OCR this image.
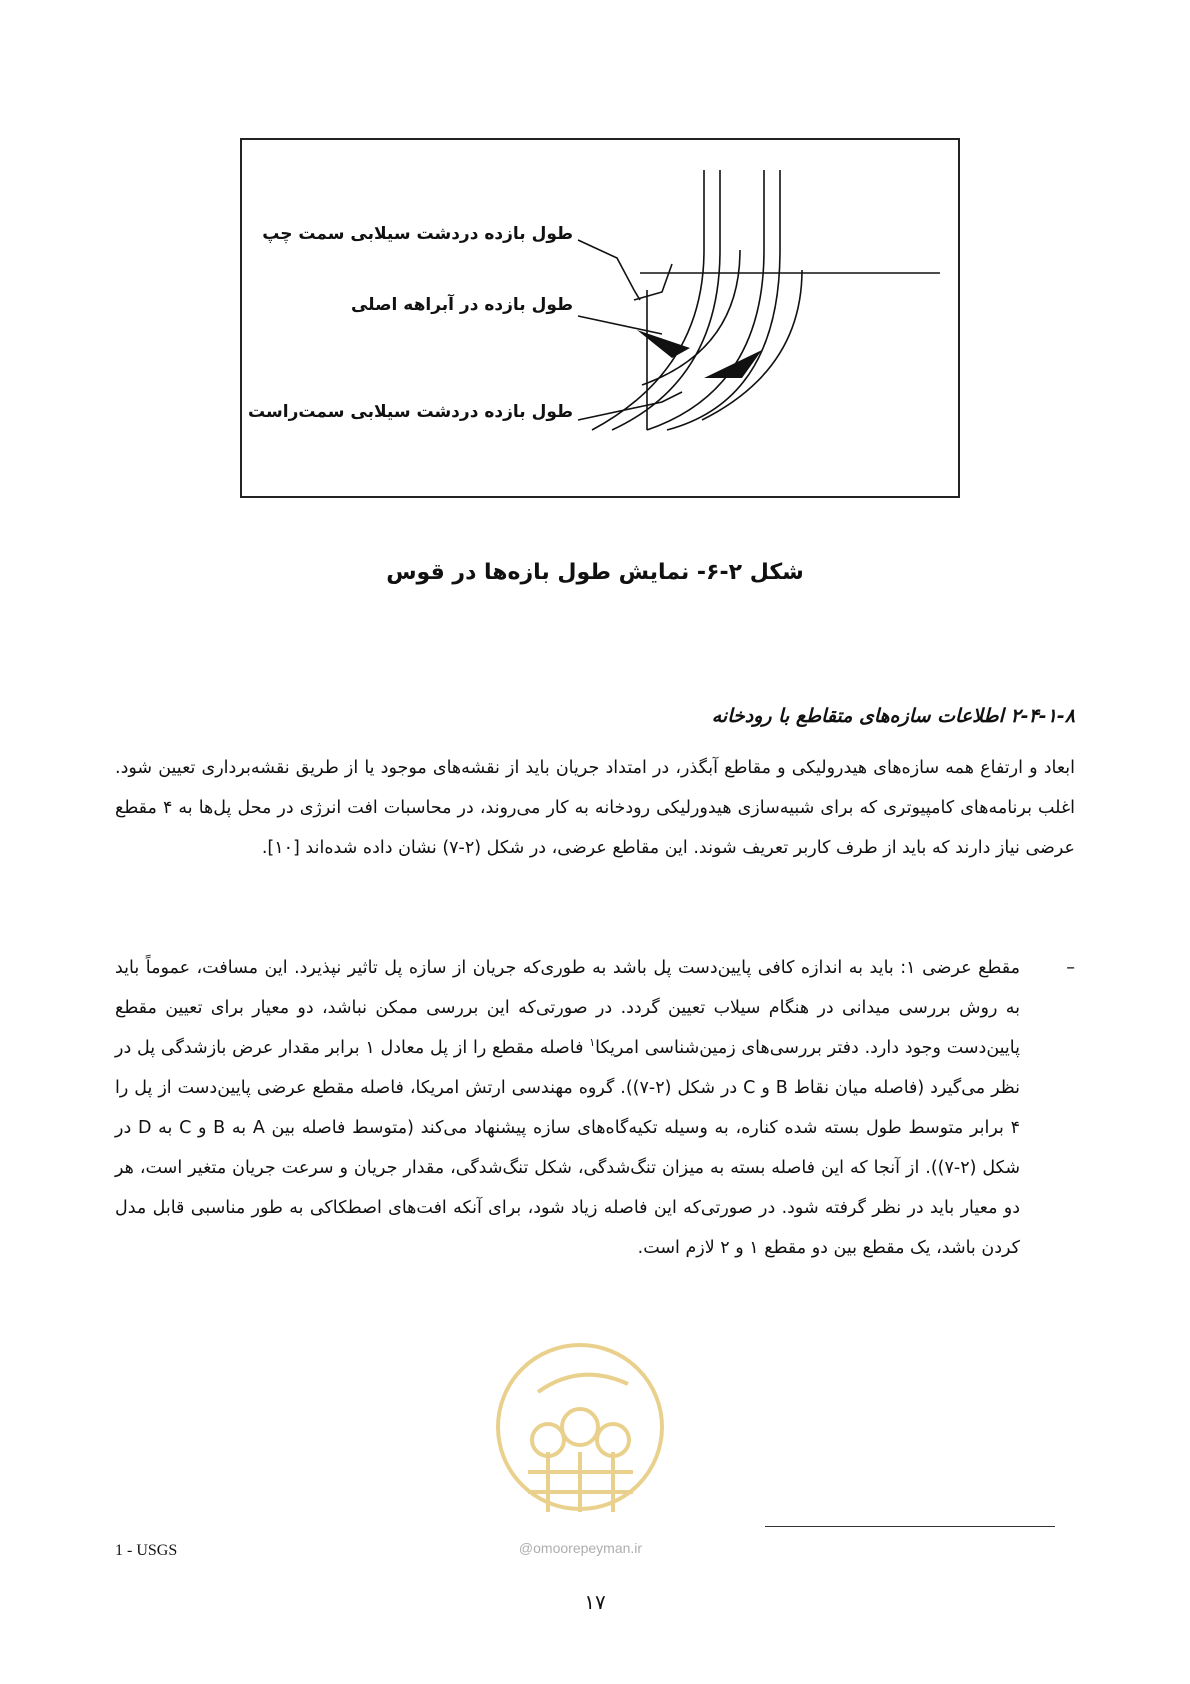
طول بازده دردشت سیلابی سمت چپ
طول بازده در آبراهه اصلی
طول بازده دردشت سیلابی سمت‌راست
شکل ۲-۶- نمایش طول بازه‌ها در قوس
۲-۴-۱-۸ اطلاعات سازه‌های متقاطع با رودخانه

ابعاد و ارتفاع همه سازه‌های هیدرولیکی و مقاطع آبگذر، در امتداد جریان باید از نقشه‌های موجود یا از طریق نقشه‌برداری تعیین شود. اغلب برنامه‌های کامپیوتری که برای شبیه‌سازی هیدورلیکی رودخانه به کار می‌روند، در محاسبات افت انرژی در محل پل‌ها به ۴ مقطع عرضی نیاز دارند که باید از طرف کاربر تعریف شوند. این مقاطع عرضی، در شکل (۲-۷) نشان داده شده‌اند [۱۰].

–

مقطع عرضی ۱: باید به اندازه کافی پایین‌دست پل باشد به طوری‌که جریان از سازه پل تاثیر نپذیرد. این مسافت، عموماً باید به روش بررسی میدانی در هنگام سیلاب تعیین گردد. در صورتی‌که این بررسی ممکن نباشد، دو معیار برای تعیین مقطع پایین‌دست وجود دارد. دفتر بررسی‌های زمین‌شناسی امریکا$^۱$ فاصله مقطع را از پل معادل ۱ برابر مقدار عرض بازشدگی پل در نظر می‌گیرد (فاصله میان نقاط B و C در شکل (۲-۷)). گروه مهندسی ارتش امریکا، فاصله مقطع عرضی پایین‌دست از پل را ۴ برابر متوسط طول بسته شده کناره، به وسیله تکیه‌گاه‌های سازه پیشنهاد می‌کند (متوسط فاصله بین A به B و C به D در شکل (۲-۷)). از آنجا که این فاصله بسته به میزان تنگ‌شدگی، شکل تنگ‌شدگی، مقدار جریان و سرعت جریان متغیر است، هر دو معیار باید در نظر گرفته شود. در صورتی‌که این فاصله زیاد شود، برای آنکه افت‌های اصطکاکی به طور مناسبی قابل مدل کردن باشد، یک مقطع بین دو مقطع ۱ و ۲ لازم است.

@omoorepeyman.ir
1 - USGS
۱۷
